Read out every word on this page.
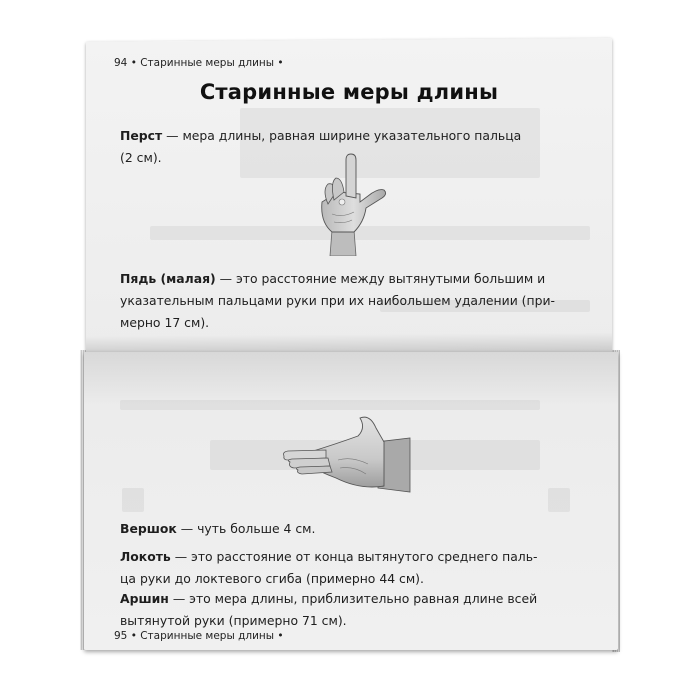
94 • Старинные меры длины •
Старинные меры длины
Перст — мера длины, равная ширине указательного пальца
(2 см).
Пядь (малая) — это расстояние между вытянутыми большим и
указательным пальцами руки при их наибольшем удалении (при-
мерно 17 см).
Вершок — чуть больше 4 см.
Локоть — это расстояние от конца вытянутого среднего паль-
ца руки до локтевого сгиба (примерно 44 см).
Аршин — это мера длины, приблизительно равная длине всей
вытянутой руки (примерно 71 см).
95 • Старинные меры длины •
